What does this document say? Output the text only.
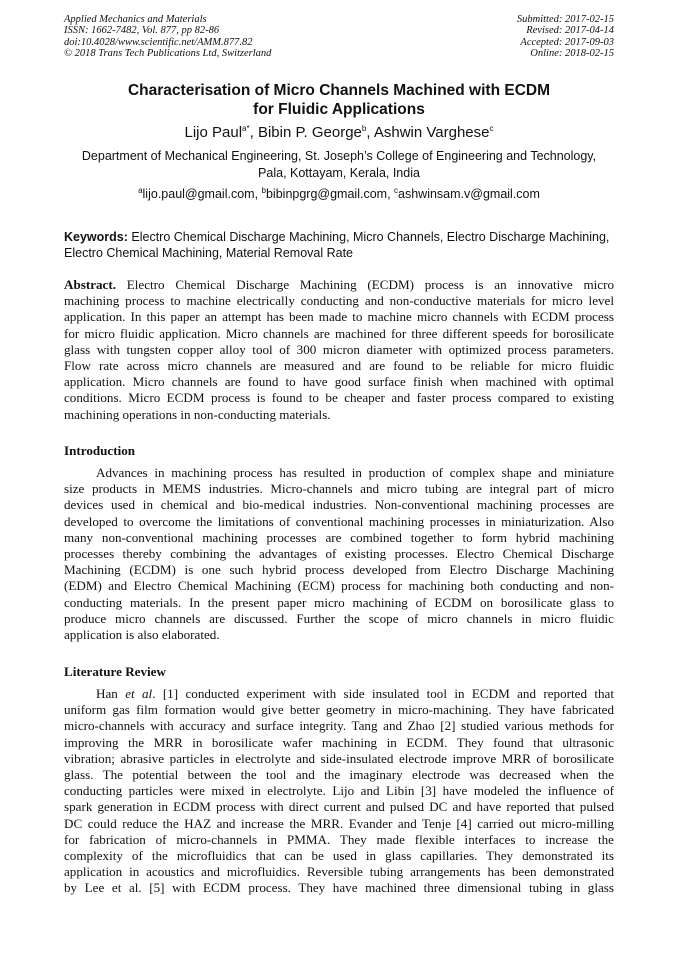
Applied Mechanics and Materials
ISSN: 1662-7482, Vol. 877, pp 82-86
doi:10.4028/www.scientific.net/AMM.877.82
© 2018 Trans Tech Publications Ltd, Switzerland
Submitted: 2017-02-15
Revised: 2017-04-14
Accepted: 2017-09-03
Online: 2018-02-15
Characterisation of Micro Channels Machined with ECDM
for Fluidic Applications
Lijo Paul$^{a*}$, Bibin P. George$^b$, Ashwin Varghese$^c$
Department of Mechanical Engineering, St. Joseph’s College of Engineering and Technology,
Pala, Kottayam, Kerala, India
$^a$lijo.paul@gmail.com, $^b$bibinpgrg@gmail.com, $^c$ashwinsam.v@gmail.com
Keywords: Electro Chemical Discharge Machining, Micro Channels, Electro Discharge Machining, Electro Chemical Machining, Material Removal Rate
Abstract. Electro Chemical Discharge Machining (ECDM) process is an innovative micro
machining process to machine electrically conducting and non-conductive materials for micro level
application. In this paper an attempt has been made to machine micro channels with ECDM process
for micro fluidic application. Micro channels are machined for three different speeds for borosilicate
glass with tungsten copper alloy tool of 300 micron diameter with optimized process parameters.
Flow rate across micro channels are measured and are found to be reliable for micro fluidic
application. Micro channels are found to have good surface finish when machined with optimal
conditions. Micro ECDM process is found to be cheaper and faster process compared to existing
machining operations in non-conducting materials.
Introduction
Advances in machining process has resulted in production of complex shape and miniature
size products in MEMS industries. Micro-channels and micro tubing are integral part of micro
devices used in chemical and bio-medical industries. Non-conventional machining processes are
developed to overcome the limitations of conventional machining processes in miniaturization. Also
many non-conventional machining processes are combined together to form hybrid machining
processes thereby combining the advantages of existing processes. Electro Chemical Discharge
Machining (ECDM) is one such hybrid process developed from Electro Discharge Machining
(EDM) and Electro Chemical Machining (ECM) process for machining both conducting and non-
conducting materials. In the present paper micro machining of ECDM on borosilicate glass to
produce micro channels are discussed. Further the scope of micro channels in micro fluidic
application is also elaborated.
Literature Review
Han et al. [1] conducted experiment with side insulated tool in ECDM and reported that
uniform gas film formation would give better geometry in micro-machining. They have fabricated
micro-channels with accuracy and surface integrity. Tang and Zhao [2] studied various methods for
improving the MRR in borosilicate wafer machining in ECDM. They found that ultrasonic
vibration; abrasive particles in electrolyte and side-insulated electrode improve MRR of borosilicate
glass. The potential between the tool and the imaginary electrode was decreased when the
conducting particles were mixed in electrolyte. Lijo and Libin [3] have modeled the influence of
spark generation in ECDM process with direct current and pulsed DC and have reported that pulsed
DC could reduce the HAZ and increase the MRR. Evander and Tenje [4] carried out micro-milling
for fabrication of micro-channels in PMMA. They made flexible interfaces to increase the
complexity of the microfluidics that can be used in glass capillaries. They demonstrated its
application in acoustics and microfluidics. Reversible tubing arrangements has been demonstrated
by Lee et al. [5] with ECDM process. They have machined three dimensional tubing in glass
